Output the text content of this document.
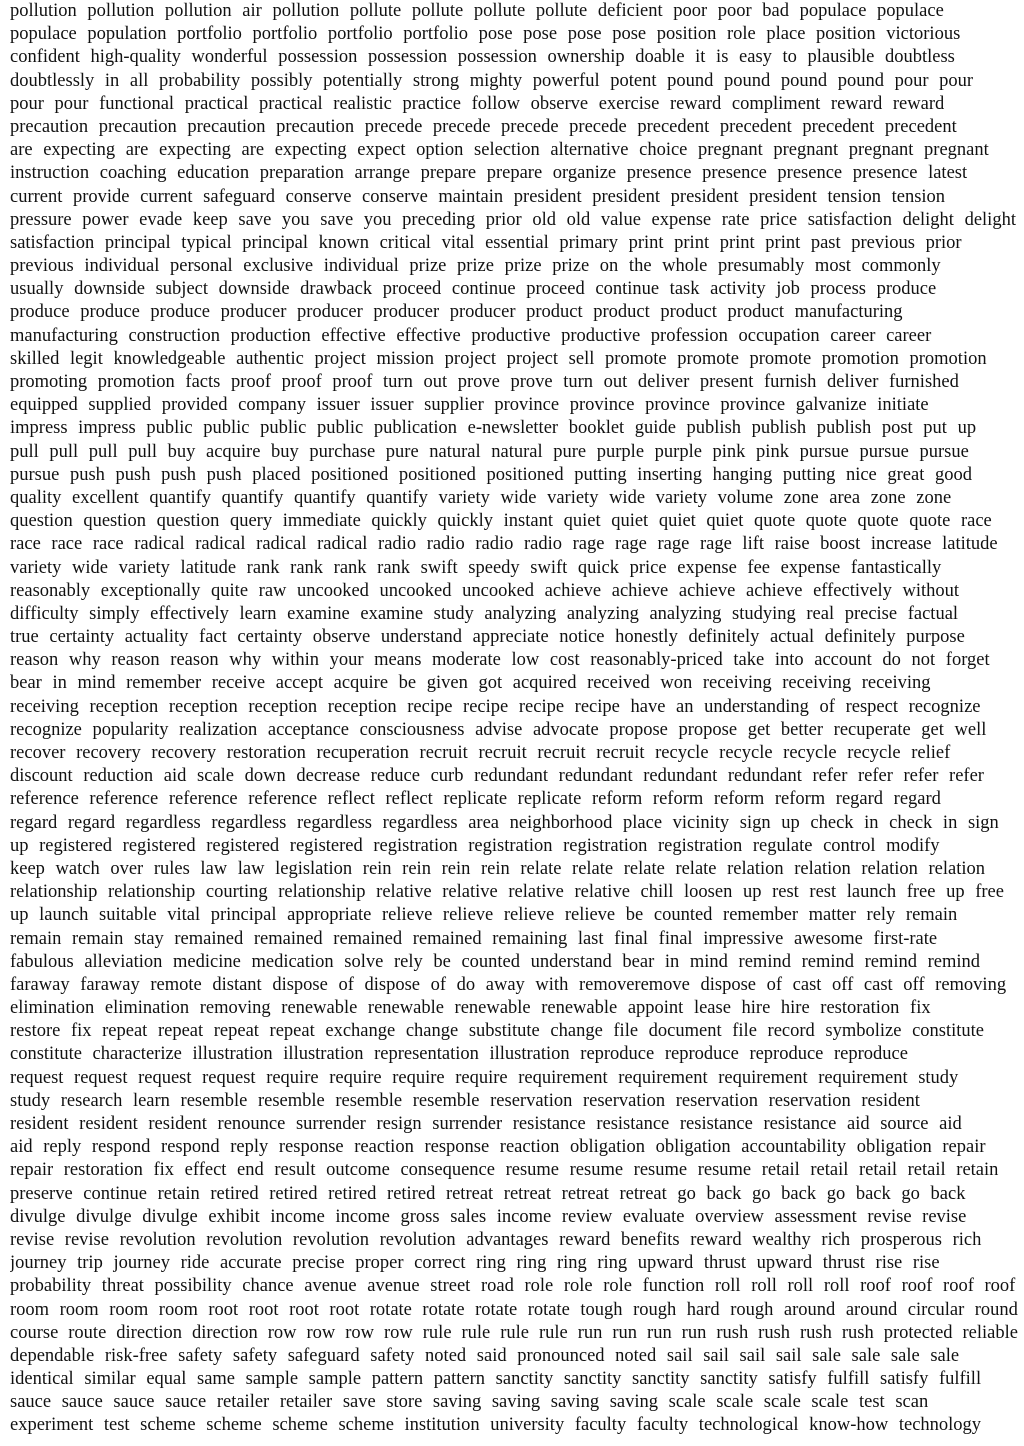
pollution pollution pollution air pollution pollute pollute pollute pollute deficient poor poor bad populace populace
populace population portfolio portfolio portfolio portfolio pose pose pose pose position role place position victorious
confident high-quality wonderful possession possession possession ownership doable it is easy to plausible doubtless
doubtlessly in all probability possibly potentially strong mighty powerful potent pound pound pound pound pour pour
pour pour functional practical practical realistic practice follow observe exercise reward compliment reward reward
precaution precaution precaution precaution precede precede precede precede precedent precedent precedent precedent
are expecting are expecting are expecting expect option selection alternative choice pregnant pregnant pregnant pregnant
instruction coaching education preparation arrange prepare prepare organize presence presence presence presence latest
current provide current safeguard conserve conserve maintain president president president president tension tension
pressure power evade keep save you save you preceding prior old old value expense rate price satisfaction delight delight
satisfaction principal typical principal known critical vital essential primary print print print print past previous prior
previous individual personal exclusive individual prize prize prize prize on the whole presumably most commonly
usually downside subject downside drawback proceed continue proceed continue task activity job process produce
produce produce produce producer producer producer producer product product product product manufacturing
manufacturing construction production effective effective productive productive profession occupation career career
skilled legit knowledgeable authentic project mission project project sell promote promote promote promotion promotion
promoting promotion facts proof proof proof turn out prove prove turn out deliver present furnish deliver furnished
equipped supplied provided company issuer issuer supplier province province province province galvanize initiate
impress impress public public public public publication e-newsletter booklet guide publish publish publish post put up
pull pull pull pull buy acquire buy purchase pure natural natural pure purple purple pink pink pursue pursue pursue
pursue push push push push placed positioned positioned positioned putting inserting hanging putting nice great good
quality excellent quantify quantify quantify quantify variety wide variety wide variety volume zone area zone zone
question question question query immediate quickly quickly instant quiet quiet quiet quiet quote quote quote quote race
race race race radical radical radical radical radio radio radio radio rage rage rage rage lift raise boost increase latitude
variety wide variety latitude rank rank rank rank swift speedy swift quick price expense fee expense fantastically
reasonably exceptionally quite raw uncooked uncooked uncooked achieve achieve achieve achieve effectively without
difficulty simply effectively learn examine examine study analyzing analyzing analyzing studying real precise factual
true certainty actuality fact certainty observe understand appreciate notice honestly definitely actual definitely purpose
reason why reason reason why within your means moderate low cost reasonably-priced take into account do not forget
bear in mind remember receive accept acquire be given got acquired received won receiving receiving receiving
receiving reception reception reception reception recipe recipe recipe recipe have an understanding of respect recognize
recognize popularity realization acceptance consciousness advise advocate propose propose get better recuperate get well
recover recovery recovery restoration recuperation recruit recruit recruit recruit recycle recycle recycle recycle relief
discount reduction aid scale down decrease reduce curb redundant redundant redundant redundant refer refer refer refer
reference reference reference reference reflect reflect replicate replicate reform reform reform reform regard regard
regard regard regardless regardless regardless regardless area neighborhood place vicinity sign up check in check in sign
up registered registered registered registered registration registration registration registration regulate control modify
keep watch over rules law law legislation rein rein rein rein relate relate relate relate relation relation relation relation
relationship relationship courting relationship relative relative relative relative chill loosen up rest rest launch free up free
up launch suitable vital principal appropriate relieve relieve relieve relieve be counted remember matter rely remain
remain remain stay remained remained remained remained remaining last final final impressive awesome first-rate
fabulous alleviation medicine medication solve rely be counted understand bear in mind remind remind remind remind
faraway faraway remote distant dispose of dispose of do away with removeremove dispose of cast off cast off removing
elimination elimination removing renewable renewable renewable renewable appoint lease hire hire restoration fix
restore fix repeat repeat repeat repeat exchange change substitute change file document file record symbolize constitute
constitute characterize illustration illustration representation illustration reproduce reproduce reproduce reproduce
request request request request require require require require requirement requirement requirement requirement study
study research learn resemble resemble resemble resemble reservation reservation reservation reservation resident
resident resident resident renounce surrender resign surrender resistance resistance resistance resistance aid source aid
aid reply respond respond reply response reaction response reaction obligation obligation accountability obligation repair
repair restoration fix effect end result outcome consequence resume resume resume resume retail retail retail retail retain
preserve continue retain retired retired retired retired retreat retreat retreat retreat go back go back go back go back
divulge divulge divulge exhibit income income gross sales income review evaluate overview assessment revise revise
revise revise revolution revolution revolution revolution advantages reward benefits reward wealthy rich prosperous rich
journey trip journey ride accurate precise proper correct ring ring ring ring upward thrust upward thrust rise rise
probability threat possibility chance avenue avenue street road role role role function roll roll roll roll roof roof roof roof
room room room room root root root root rotate rotate rotate rotate tough rough hard rough around around circular round
course route direction direction row row row row rule rule rule rule run run run run rush rush rush rush protected reliable
dependable risk-free safety safety safeguard safety noted said pronounced noted sail sail sail sail sale sale sale sale
identical similar equal same sample sample pattern pattern sanctity sanctity sanctity sanctity satisfy fulfill satisfy fulfill
sauce sauce sauce sauce retailer retailer save store saving saving saving saving scale scale scale scale test scan
experiment test scheme scheme scheme scheme institution university faculty faculty technological know-how technology
